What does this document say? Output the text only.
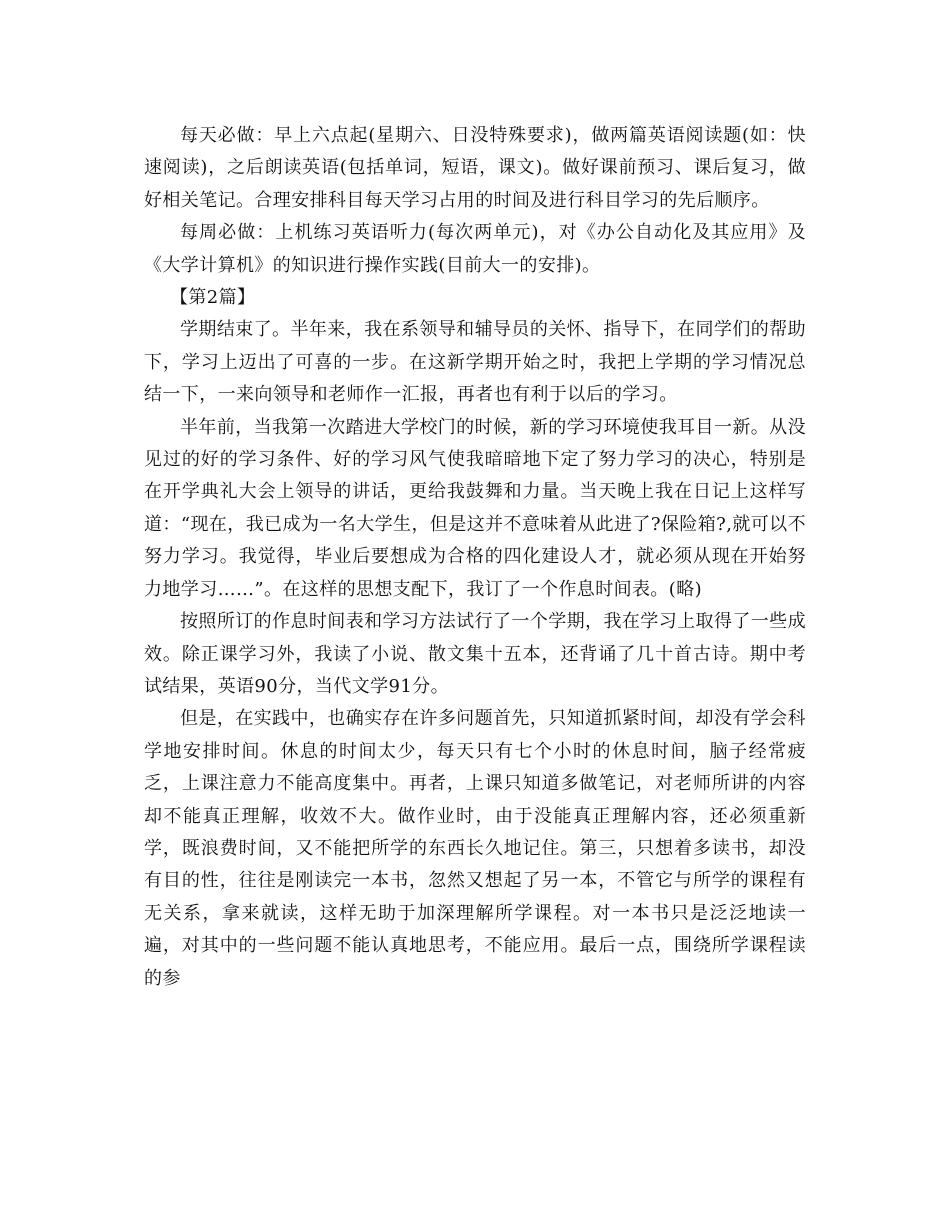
每天必做：早上六点起(星期六、日没特殊要求)，做两篇英语阅读题(如：快速阅读)，之后朗读英语(包括单词，短语，课文)。做好课前预习、课后复习，做好相关笔记。合理安排科目每天学习占用的时间及进行科目学习的先后顺序。

每周必做：上机练习英语听力(每次两单元)，对《办公自动化及其应用》及《大学计算机》的知识进行操作实践(目前大一的安排)。

【第2篇】

学期结束了。半年来，我在系领导和辅导员的关怀、指导下，在同学们的帮助下，学习上迈出了可喜的一步。在这新学期开始之时，我把上学期的学习情况总结一下，一来向领导和老师作一汇报，再者也有利于以后的学习。

半年前，当我第一次踏进大学校门的时候，新的学习环境使我耳目一新。从没见过的好的学习条件、好的学习风气使我暗暗地下定了努力学习的决心，特别是在开学典礼大会上领导的讲话，更给我鼓舞和力量。当天晚上我在日记上这样写道：“现在，我已成为一名大学生，但是这并不意味着从此进了?保险箱?,就可以不努力学习。我觉得，毕业后要想成为合格的四化建设人才，就必须从现在开始努力地学习……”。在这样的思想支配下，我订了一个作息时间表。(略)

按照所订的作息时间表和学习方法试行了一个学期，我在学习上取得了一些成效。除正课学习外，我读了小说、散文集十五本，还背诵了几十首古诗。期中考试结果，英语90分，当代文学91分。

但是，在实践中，也确实存在许多问题首先，只知道抓紧时间，却没有学会科学地安排时间。休息的时间太少，每天只有七个小时的休息时间，脑子经常疲乏，上课注意力不能高度集中。再者，上课只知道多做笔记，对老师所讲的内容却不能真正理解，收效不大。做作业时，由于没能真正理解内容，还必须重新学，既浪费时间，又不能把所学的东西长久地记住。第三，只想着多读书，却没有目的性，往往是刚读完一本书，忽然又想起了另一本，不管它与所学的课程有无关系，拿来就读，这样无助于加深理解所学课程。对一本书只是泛泛地读一遍，对其中的一些问题不能认真地思考，不能应用。最后一点，围绕所学课程读的参
